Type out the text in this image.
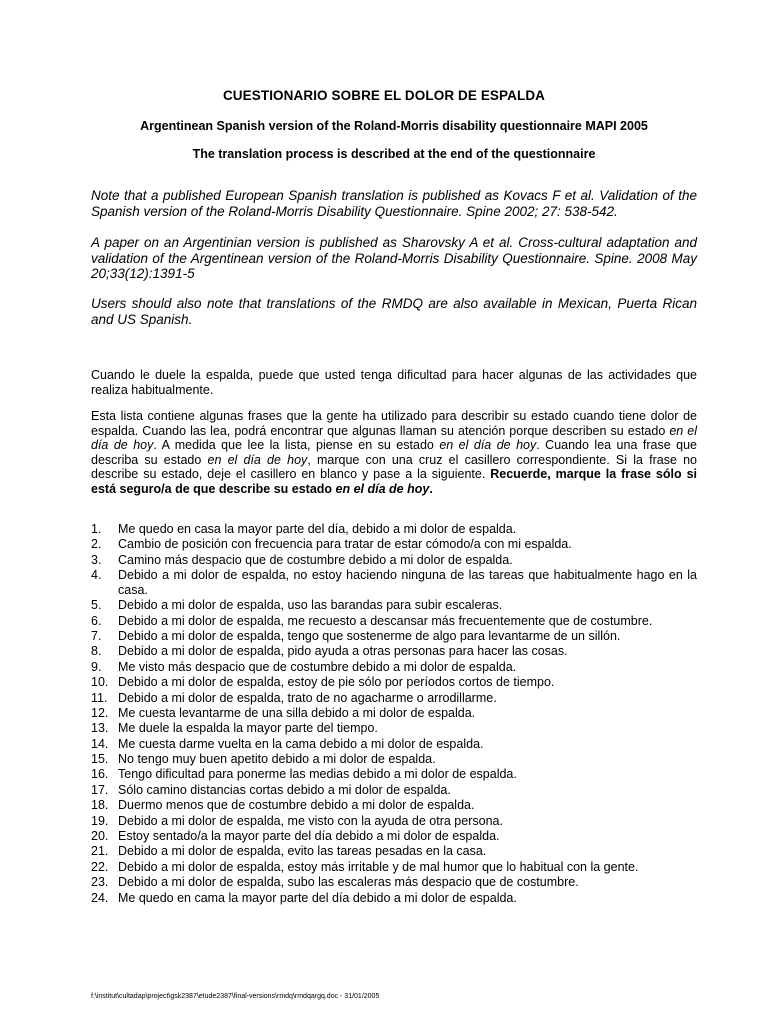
CUESTIONARIO SOBRE EL DOLOR DE ESPALDA
Argentinean Spanish version of the Roland-Morris disability questionnaire MAPI 2005
The translation process is described at the end of the questionnaire
Note that a published European Spanish translation is published as Kovacs F et al. Validation of the Spanish version of the Roland-Morris Disability Questionnaire. Spine 2002; 27: 538-542.
A paper on an Argentinian version is published as Sharovsky A et al. Cross-cultural adaptation and validation of the Argentinean version of the Roland-Morris Disability Questionnaire. Spine. 2008 May 20;33(12):1391-5
Users should also note that translations of the RMDQ are also available in Mexican, Puerta Rican and US Spanish.
Cuando le duele la espalda, puede que usted tenga dificultad para hacer algunas de las actividades que realiza habitualmente.
Esta lista contiene algunas frases que la gente ha utilizado para describir su estado cuando tiene dolor de espalda. Cuando las lea, podrá encontrar que algunas llaman su atención porque describen su estado en el día de hoy. A medida que lee la lista, piense en su estado en el día de hoy. Cuando lea una frase que describa su estado en el día de hoy, marque con una cruz el casillero correspondiente. Si la frase no describe su estado, deje el casillero en blanco y pase a la siguiente. Recuerde, marque la frase sólo si está seguro/a de que describe su estado en el día de hoy.
1.	Me quedo en casa la mayor parte del día, debido a mi dolor de espalda.
2.	Cambio de posición con frecuencia para tratar de estar cómodo/a con mi espalda.
3.	Camino más despacio que de costumbre debido a mi dolor de espalda.
4.	Debido a mi dolor de espalda, no estoy haciendo ninguna de las tareas que habitualmente hago en la casa.
5.	Debido a mi dolor de espalda, uso las barandas para subir escaleras.
6.	Debido a mi dolor de espalda, me recuesto a descansar más frecuentemente que de costumbre.
7.	Debido a mi dolor de espalda, tengo que sostenerme de algo para levantarme de un sillón.
8.	Debido a mi dolor de espalda, pido ayuda a otras personas para hacer las cosas.
9.	Me visto más despacio que de costumbre debido a mi dolor de espalda.
10. Debido a mi dolor de espalda, estoy de pie sólo por períodos cortos de tiempo.
11. Debido a mi dolor de espalda, trato de no agacharme o arrodillarme.
12. Me cuesta levantarme de una silla debido a mi dolor de espalda.
13. Me duele la espalda la mayor parte del tiempo.
14. Me cuesta darme vuelta en la cama debido a mi dolor de espalda.
15. No tengo muy buen apetito debido a mi dolor de espalda.
16. Tengo dificultad para ponerme las medias debido a mi dolor de espalda.
17. Sólo camino distancias cortas debido a mi dolor de espalda.
18. Duermo menos que de costumbre debido a mi dolor de espalda.
19. Debido a mi dolor de espalda, me visto con la ayuda de otra persona.
20. Estoy sentado/a la mayor parte del día debido a mi dolor de espalda.
21. Debido a mi dolor de espalda, evito las tareas pesadas en la casa.
22. Debido a mi dolor de espalda, estoy más irritable y de mal humor que lo habitual con la gente.
23. Debido a mi dolor de espalda, subo las escaleras más despacio que de costumbre.
24. Me quedo en cama la mayor parte del día debido a mi dolor de espalda.
f:\institut\cultadap\project\gsk2387\etude2387\final-versions\rmdq\rmdqargq.doc - 31/01/2005
